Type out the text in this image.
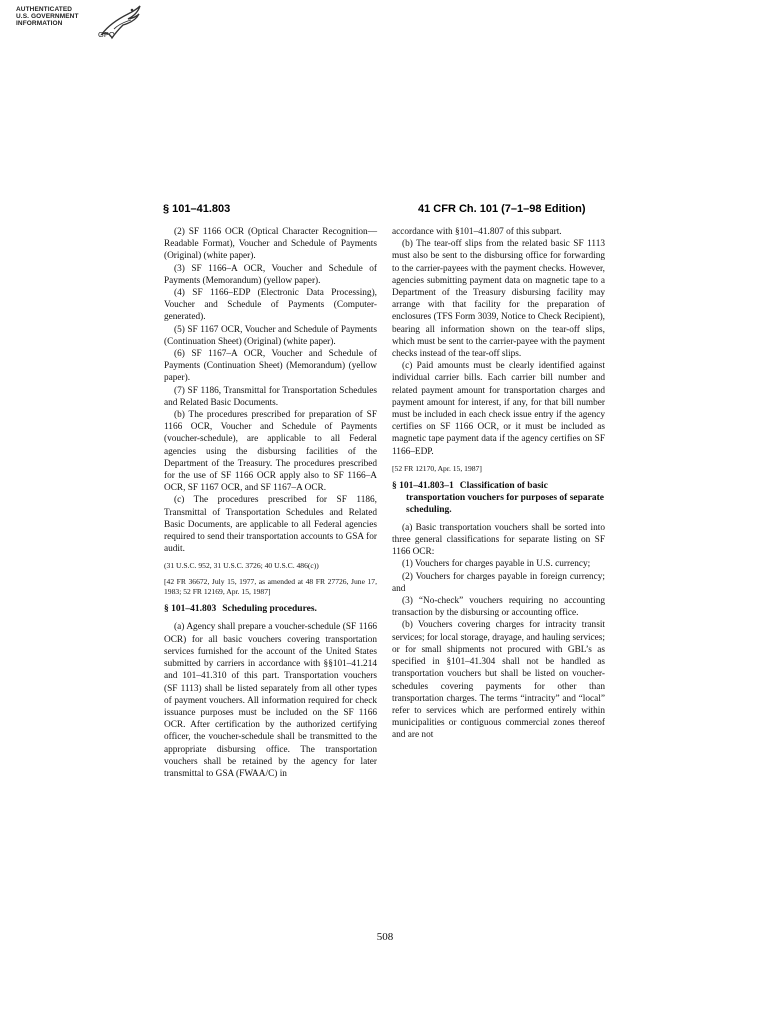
AUTHENTICATED
U.S. GOVERNMENT
INFORMATION
GPO
§ 101–41.803	41 CFR Ch. 101 (7–1–98 Edition)

(2) SF 1166 OCR (Optical Character Recognition—Readable Format), Voucher and Schedule of Payments (Original) (white paper).

(3) SF 1166–A OCR, Voucher and Schedule of Payments (Memorandum) (yellow paper).

(4) SF 1166–EDP (Electronic Data Processing), Voucher and Schedule of Payments (Computer-generated).

(5) SF 1167 OCR, Voucher and Schedule of Payments (Continuation Sheet) (Original) (white paper).

(6) SF 1167–A OCR, Voucher and Schedule of Payments (Continuation Sheet) (Memorandum) (yellow paper).

(7) SF 1186, Transmittal for Transportation Schedules and Related Basic Documents.

(b) The procedures prescribed for preparation of SF 1166 OCR, Voucher and Schedule of Payments (voucher-schedule), are applicable to all Federal agencies using the disbursing facilities of the Department of the Treasury. The procedures prescribed for the use of SF 1166 OCR apply also to SF 1166–A OCR, SF 1167 OCR, and SF 1167–A OCR.

(c) The procedures prescribed for SF 1186, Transmittal of Transportation Schedules and Related Basic Documents, are applicable to all Federal agencies required to send their transportation accounts to GSA for audit.

(31 U.S.C. 952, 31 U.S.C. 3726; 40 U.S.C. 486(c))

[42 FR 36672, July 15, 1977, as amended at 48 FR 27726, June 17, 1983; 52 FR 12169, Apr. 15, 1987]

§ 101–41.803 Scheduling procedures.

(a) Agency shall prepare a voucher-schedule (SF 1166 OCR) for all basic vouchers covering transportation services furnished for the account of the United States submitted by carriers in accordance with §§101–41.214 and 101–41.310 of this part. Transportation vouchers (SF 1113) shall be listed separately from all other types of payment vouchers. All information required for check issuance purposes must be included on the SF 1166 OCR. After certification by the authorized certifying officer, the voucher-schedule shall be transmitted to the appropriate disbursing office. The transportation vouchers shall be retained by the agency for later transmittal to GSA (FWAA/C) in

accordance with §101–41.807 of this subpart.

(b) The tear-off slips from the related basic SF 1113 must also be sent to the disbursing office for forwarding to the carrier-payees with the payment checks. However, agencies submitting payment data on magnetic tape to a Department of the Treasury disbursing facility may arrange with that facility for the preparation of enclosures (TFS Form 3039, Notice to Check Recipient), bearing all information shown on the tear-off slips, which must be sent to the carrier-payee with the payment checks instead of the tear-off slips.

(c) Paid amounts must be clearly identified against individual carrier bills. Each carrier bill number and related payment amount for transportation charges and payment amount for interest, if any, for that bill number must be included in each check issue entry if the agency certifies on SF 1166 OCR, or it must be included as magnetic tape payment data if the agency certifies on SF 1166–EDP.

[52 FR 12170, Apr. 15, 1987]

§ 101–41.803–1 Classification of basic transportation vouchers for purposes of separate scheduling.

(a) Basic transportation vouchers shall be sorted into three general classifications for separate listing on SF 1166 OCR:

(1) Vouchers for charges payable in U.S. currency;

(2) Vouchers for charges payable in foreign currency; and

(3) “No-check” vouchers requiring no accounting transaction by the disbursing or accounting office.

(b) Vouchers covering charges for intracity transit services; for local storage, drayage, and hauling services; or for small shipments not procured with GBL’s as specified in §101–41.304 shall not be handled as transportation vouchers but shall be listed on voucher-schedules covering payments for other than transportation charges. The terms “intracity” and “local” refer to services which are performed entirely within municipalities or contiguous commercial zones thereof and are not

508
